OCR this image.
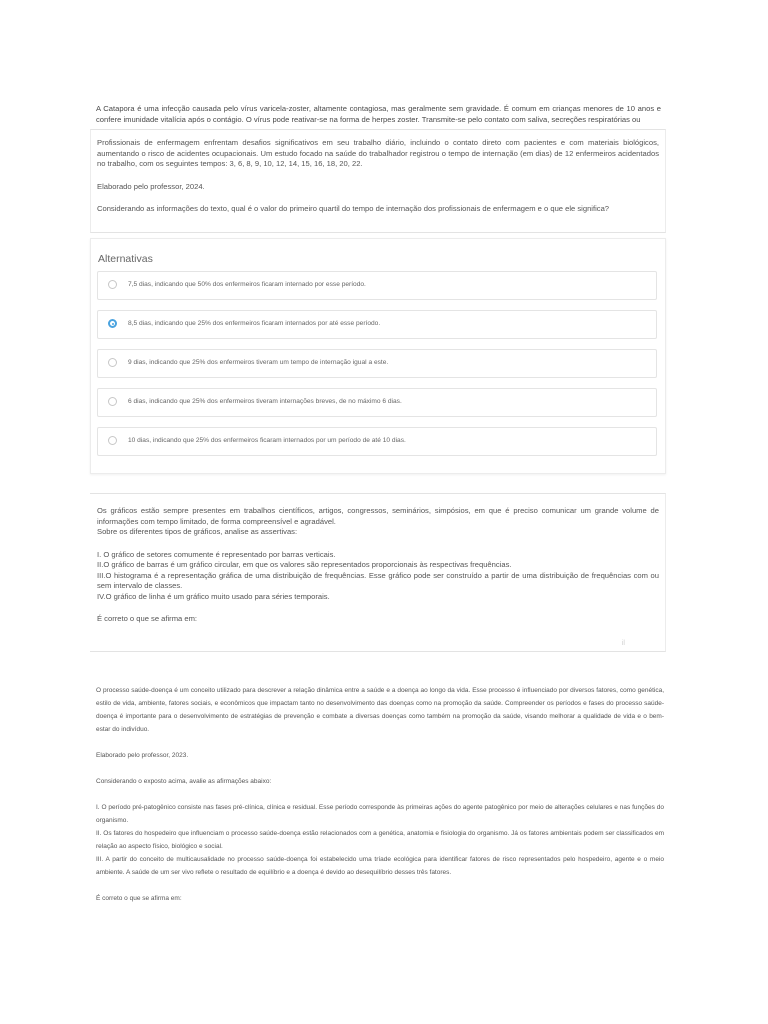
A Catapora é uma infecção causada pelo vírus varicela-zoster, altamente contagiosa, mas geralmente sem gravidade. É comum em crianças menores de 10 anos e confere imunidade vitalícia após o contágio. O vírus pode reativar-se na forma de herpes zoster. Transmite-se pelo contato com saliva, secreções respiratórias ou

Profissionais de enfermagem enfrentam desafios significativos em seu trabalho diário, incluindo o contato direto com pacientes e com materiais biológicos, aumentando o risco de acidentes ocupacionais. Um estudo focado na saúde do trabalhador registrou o tempo de internação (em dias) de 12 enfermeiros acidentados no trabalho, com os seguintes tempos: 3, 6, 8, 9, 10, 12, 14, 15, 16, 18, 20, 22.

Elaborado pelo professor, 2024.

Considerando as informações do texto, qual é o valor do primeiro quartil do tempo de internação dos profissionais de enfermagem e o que ele significa?

Alternativas
7,5 dias, indicando que 50% dos enfermeiros ficaram internado por esse período.
8,5 dias, indicando que 25% dos enfermeiros ficaram internados por até esse período.
9 dias, indicando que 25% dos enfermeiros tiveram um tempo de internação igual a este.
6 dias, indicando que 25% dos enfermeiros tiveram internações breves, de no máximo 6 dias.
10 dias, indicando que 25% dos enfermeiros ficaram internados por um período de até 10 dias.

Os gráficos estão sempre presentes em trabalhos científicos, artigos, congressos, seminários, simpósios, em que é preciso comunicar um grande volume de informações com tempo limitado, de forma compreensível e agradável.

Sobre os diferentes tipos de gráficos, analise as assertivas:

I. O gráfico de setores comumente é representado por barras verticais.

II.O gráfico de barras é um gráfico circular, em que os valores são representados proporcionais às respectivas frequências.

III.O histograma é a representação gráfica de uma distribuição de frequências. Esse gráfico pode ser construído a partir de uma distribuição de frequências com ou sem intervalo de classes.

IV.O gráfico de linha é um gráfico muito usado para séries temporais.

É correto o que se afirma em:

il

O processo saúde-doença é um conceito utilizado para descrever a relação dinâmica entre a saúde e a doença ao longo da vida. Esse processo é influenciado por diversos fatores, como genética, estilo de vida, ambiente, fatores sociais, e econômicos que impactam tanto no desenvolvimento das doenças como na promoção da saúde. Compreender os períodos e fases do processo saúde-doença é importante para o desenvolvimento de estratégias de prevenção e combate a diversas doenças como também na promoção da saúde, visando melhorar a qualidade de vida e o bem-estar do indivíduo.

Elaborado pelo professor, 2023.

Considerando o exposto acima, avalie as afirmações abaixo:

I. O período pré-patogênico consiste nas fases pré-clínica, clínica e residual. Esse período corresponde às primeiras ações do agente patogênico por meio de alterações celulares e nas funções do organismo.

II. Os fatores do hospedeiro que influenciam o processo saúde-doença estão relacionados com a genética, anatomia e fisiologia do organismo. Já os fatores ambientais podem ser classificados em relação ao aspecto físico, biológico e social.

III. A partir do conceito de multicausalidade no processo saúde-doença foi estabelecido uma tríade ecológica para identificar fatores de risco representados pelo hospedeiro, agente e o meio ambiente. A saúde de um ser vivo reflete o resultado de equilíbrio e a doença é devido ao desequilíbrio desses três fatores.

É correto o que se afirma em:
